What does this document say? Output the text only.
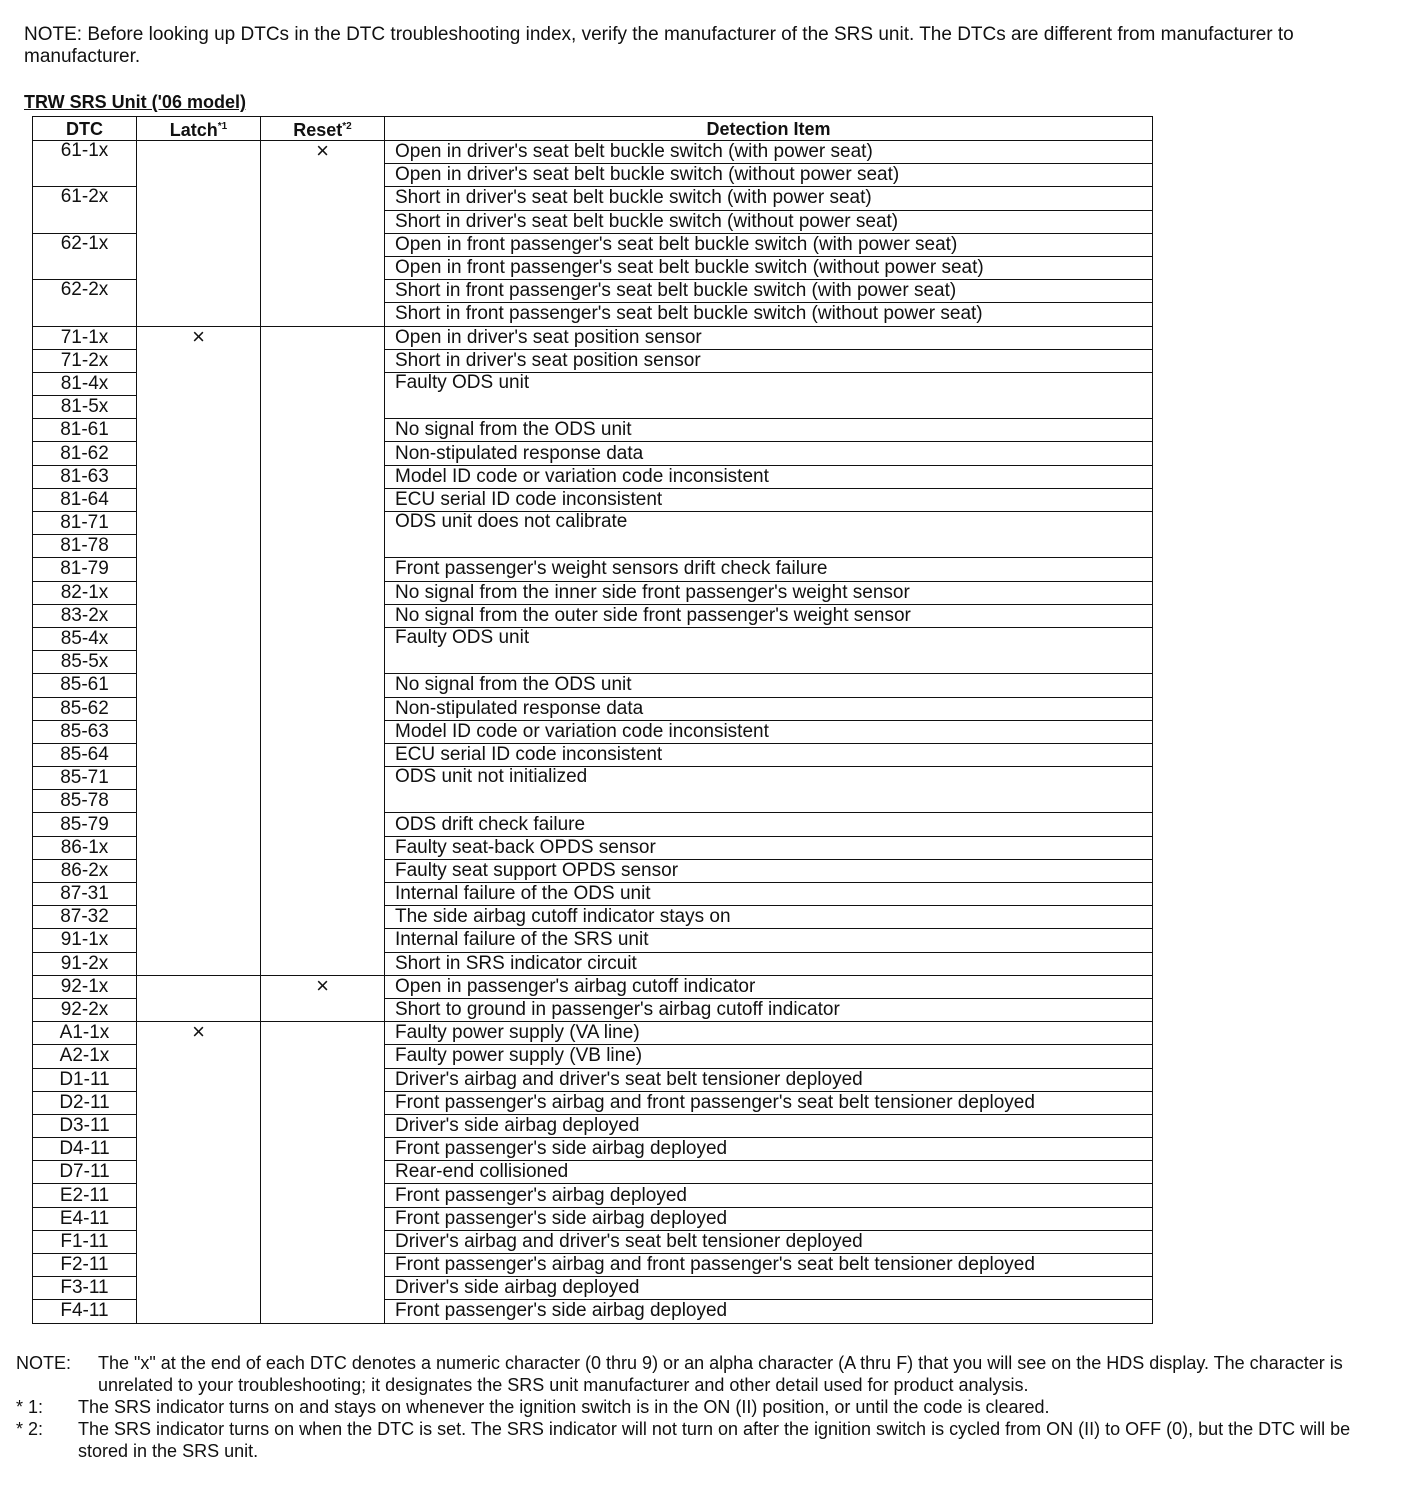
NOTE: Before looking up DTCs in the DTC troubleshooting index, verify the manufacturer of the SRS unit. The DTCs are different from manufacturer to manufacturer.
TRW SRS Unit ('06 model)
DTC	Latch$^{*1}$	Reset$^{*2}$	Detection Item
61-1x		×	Open in driver's seat belt buckle switch (with power seat)
			Open in driver's seat belt buckle switch (without power seat)
61-2x			Short in driver's seat belt buckle switch (with power seat)
			Short in driver's seat belt buckle switch (without power seat)
62-1x			Open in front passenger's seat belt buckle switch (with power seat)
			Open in front passenger's seat belt buckle switch (without power seat)
62-2x			Short in front passenger's seat belt buckle switch (with power seat)
			Short in front passenger's seat belt buckle switch (without power seat)
71-1x	×		Open in driver's seat position sensor
71-2x			Short in driver's seat position sensor
81-4x			Faulty ODS unit
81-5x			
81-61			No signal from the ODS unit
81-62			Non-stipulated response data
81-63			Model ID code or variation code inconsistent
81-64			ECU serial ID code inconsistent
81-71			ODS unit does not calibrate
81-78			
81-79			Front passenger's weight sensors drift check failure
82-1x			No signal from the inner side front passenger's weight sensor
83-2x			No signal from the outer side front passenger's weight sensor
85-4x			Faulty ODS unit
85-5x			
85-61			No signal from the ODS unit
85-62			Non-stipulated response data
85-63			Model ID code or variation code inconsistent
85-64			ECU serial ID code inconsistent
85-71			ODS unit not initialized
85-78			
85-79			ODS drift check failure
86-1x			Faulty seat-back OPDS sensor
86-2x			Faulty seat support OPDS sensor
87-31			Internal failure of the ODS unit
87-32			The side airbag cutoff indicator stays on
91-1x			Internal failure of the SRS unit
91-2x			Short in SRS indicator circuit
92-1x		×	Open in passenger's airbag cutoff indicator
92-2x			Short to ground in passenger's airbag cutoff indicator
A1-1x	×		Faulty power supply (VA line)
A2-1x			Faulty power supply (VB line)
D1-11			Driver's airbag and driver's seat belt tensioner deployed
D2-11			Front passenger's airbag and front passenger's seat belt tensioner deployed
D3-11			Driver's side airbag deployed
D4-11			Front passenger's side airbag deployed
D7-11			Rear-end collisioned
E2-11			Front passenger's airbag deployed
E4-11			Front passenger's side airbag deployed
F1-11			Driver's airbag and driver's seat belt tensioner deployed
F2-11			Front passenger's airbag and front passenger's seat belt tensioner deployed
F3-11			Driver's side airbag deployed
F4-11			Front passenger's side airbag deployed
NOTE:	The "x" at the end of each DTC denotes a numeric character (0 thru 9) or an alpha character (A thru F) that you will see on the HDS display. The character is unrelated to your troubleshooting; it designates the SRS unit manufacturer and other detail used for product analysis.
* 1:	The SRS indicator turns on and stays on whenever the ignition switch is in the ON (II) position, or until the code is cleared.
* 2:	The SRS indicator turns on when the DTC is set. The SRS indicator will not turn on after the ignition switch is cycled from ON (II) to OFF (0), but the DTC will be stored in the SRS unit.
